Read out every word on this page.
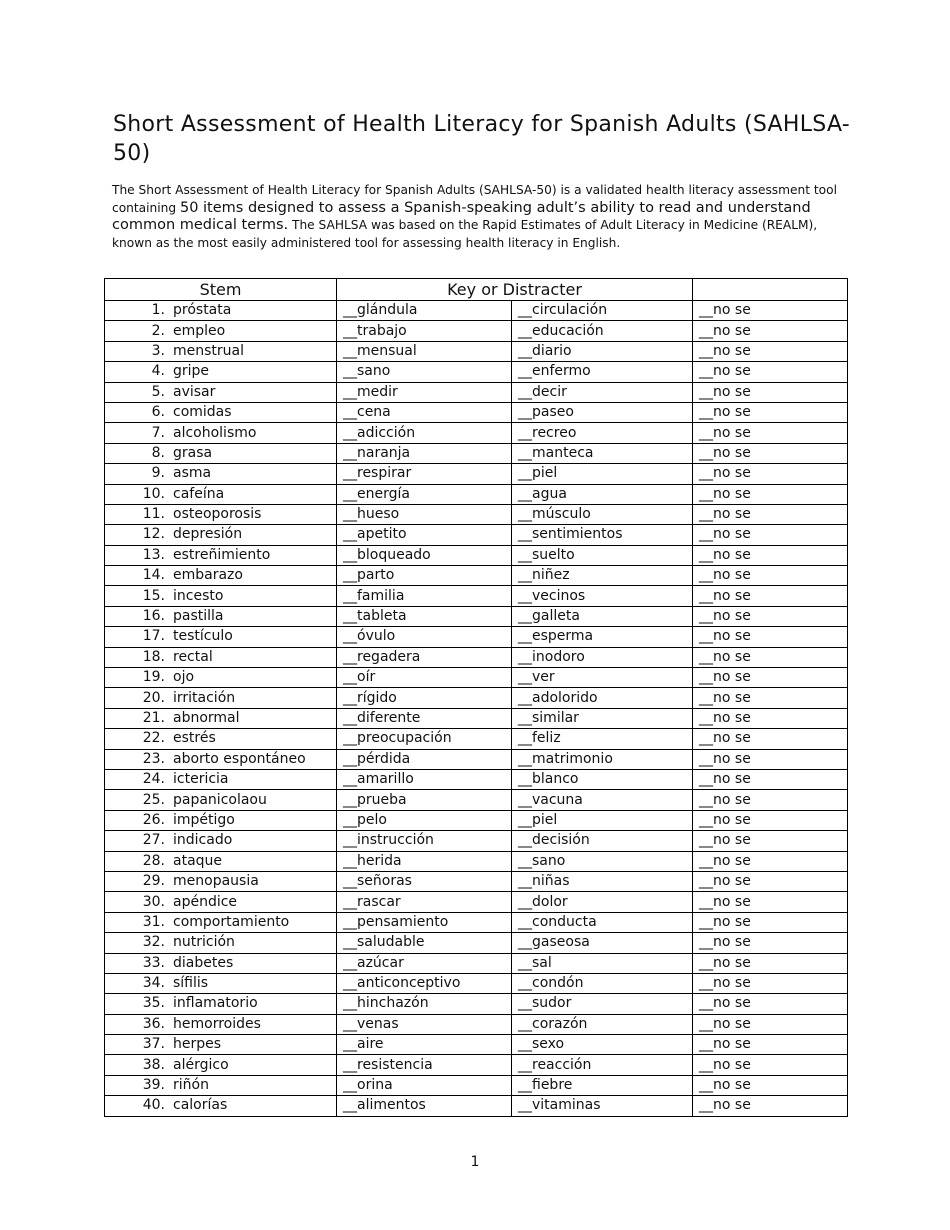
Short Assessment of Health Literacy for Spanish Adults (SAHLSA-50)

The Short Assessment of Health Literacy for Spanish Adults (SAHLSA-50) is a validated health literacy assessment tool containing 50 items designed to assess a Spanish-speaking adult’s ability to read and understand common medical terms. The SAHLSA was based on the Rapid Estimates of Adult Literacy in Medicine (REALM), known as the most easily administered tool for assessing health literacy in English.

Stem	Key or Distracter		
1. próstata	__glándula	__circulación	__no se
2. empleo	__trabajo	__educación	__no se
3. menstrual	__mensual	__diario	__no se
4. gripe	__sano	__enfermo	__no se
5. avisar	__medir	__decir	__no se
6. comidas	__cena	__paseo	__no se
7. alcoholismo	__adicción	__recreo	__no se
8. grasa	__naranja	__manteca	__no se
9. asma	__respirar	__piel	__no se
10. cafeína	__energía	__agua	__no se
11. osteoporosis	__hueso	__músculo	__no se
12. depresión	__apetito	__sentimientos	__no se
13. estreñimiento	__bloqueado	__suelto	__no se
14. embarazo	__parto	__niñez	__no se
15. incesto	__familia	__vecinos	__no se
16. pastilla	__tableta	__galleta	__no se
17. testículo	__óvulo	__esperma	__no se
18. rectal	__regadera	__inodoro	__no se
19. ojo	__oír	__ver	__no se
20. irritación	__rígido	__adolorido	__no se
21. abnormal	__diferente	__similar	__no se
22. estrés	__preocupación	__feliz	__no se
23. aborto espontáneo	__pérdida	__matrimonio	__no se
24. ictericia	__amarillo	__blanco	__no se
25. papanicolaou	__prueba	__vacuna	__no se
26. impétigo	__pelo	__piel	__no se
27. indicado	__instrucción	__decisión	__no se
28. ataque	__herida	__sano	__no se
29. menopausia	__señoras	__niñas	__no se
30. apéndice	__rascar	__dolor	__no se
31. comportamiento	__pensamiento	__conducta	__no se
32. nutrición	__saludable	__gaseosa	__no se
33. diabetes	__azúcar	__sal	__no se
34. sífilis	__anticonceptivo	__condón	__no se
35. inflamatorio	__hinchazón	__sudor	__no se
36. hemorroides	__venas	__corazón	__no se
37. herpes	__aire	__sexo	__no se
38. alérgico	__resistencia	__reacción	__no se
39. riñón	__orina	__fiebre	__no se
40. calorías	__alimentos	__vitaminas	__no se
1
